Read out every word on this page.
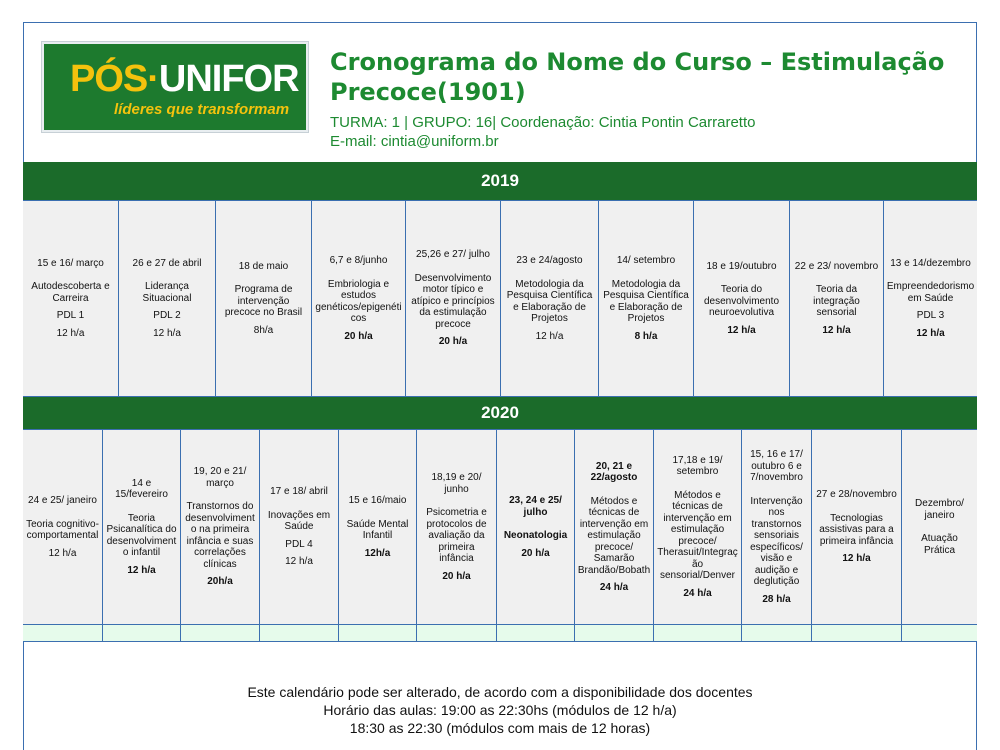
PÓS·UNIFOR
líderes que transformam
Cronograma do Nome do Curso – Estimulação Precoce(1901)
TURMA: 1 | GRUPO: 16| Coordenação: Cintia Pontin Carraretto
E-mail: cintia@uniform.br
2019

15 e 16/ março

Autodescoberta e Carreira

PDL 1

12 h/a

26 e 27 de abril

Liderança Situacional

PDL 2

12 h/a

18 de maio

Programa de intervenção precoce no Brasil

8h/a

6,7 e 8/junho

Embriologia e estudos genéticos/epigenéti cos

20 h/a

25,26 e 27/ julho

Desenvolvimento motor típico e atípico e princípios da estimulação precoce

20 h/a

23 e 24/agosto

Metodologia da Pesquisa Científica e Elaboração de Projetos

12 h/a

14/ setembro

Metodologia da Pesquisa Científica e Elaboração de Projetos

8 h/a

18 e 19/outubro

Teoria do desenvolvimento neuroevolutiva

12 h/a

22 e 23/ novembro

Teoria da integração sensorial

12 h/a

13 e 14/dezembro

Empreendedorismo em Saúde

PDL 3

12 h/a

2020

24 e 25/ janeiro

Teoria cognitivo-comportamental

12 h/a

14 e 15/fevereiro

Teoria Psicanalítica do desenvolviment o infantil

12 h/a

19, 20 e 21/ março

Transtornos do desenvolviment o na primeira infância e suas correlações clínicas

20h/a

17 e 18/ abril

Inovações em Saúde

PDL 4

12 h/a

15 e 16/maio

Saúde Mental Infantil

12h/a

18,19 e 20/ junho

Psicometria e protocolos de avaliação da primeira infância

20 h/a

23, 24 e 25/ julho

Neonatologia

20 h/a

20, 21 e 22/agosto

Métodos e técnicas de intervenção em estimulação precoce/ Samarão Brandão/Bobath

24 h/a

17,18 e 19/ setembro

Métodos e técnicas de intervenção em estimulação precoce/ Therasuit/Integraç ão sensorial/Denver

24 h/a

15, 16 e 17/ outubro 6 e 7/novembro

Intervenção nos transtornos sensoriais específicos/ visão e audição e deglutição

28 h/a

27 e 28/novembro

Tecnologias assistivas para a primeira infância

12 h/a

Dezembro/ janeiro

Atuação Prática

Este calendário pode ser alterado, de acordo com a disponibilidade dos docentes
Horário das aulas: 19:00 as 22:30hs (módulos de 12 h/a)
18:30 as 22:30 (módulos com mais de 12 horas)
